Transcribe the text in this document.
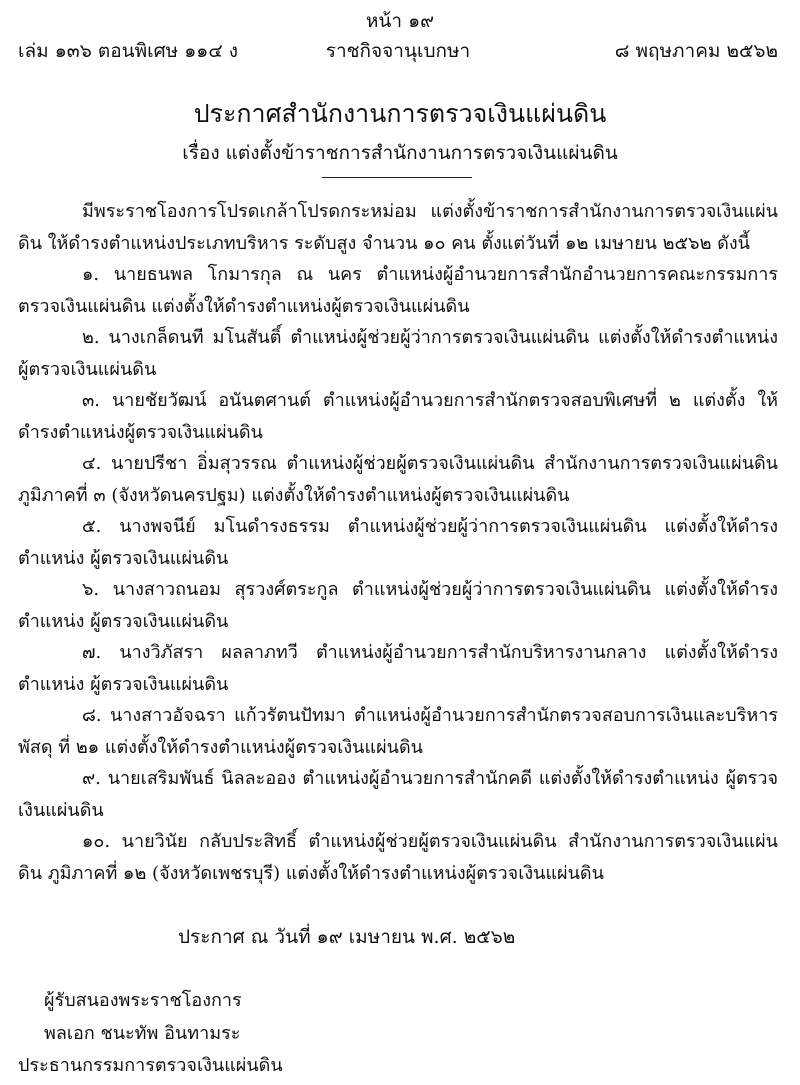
หน้า ๑๙
เล่ม ๑๓๖ ตอนพิเศษ ๑๑๔ ง	ราชกิจจานุเบกษา	๘ พฤษภาคม ๒๕๖๒
ประกาศสำนักงานการตรวจเงินแผ่นดิน
เรื่อง แต่งตั้งข้าราชการสำนักงานการตรวจเงินแผ่นดิน

มีพระราชโองการโปรดเกล้าโปรดกระหม่อม แต่งตั้งข้าราชการสำนักงานการตรวจเงินแผ่นดิน ให้ดำรงตำแหน่งประเภทบริหาร ระดับสูง จำนวน ๑๐ คน ตั้งแต่วันที่ ๑๒ เมษายน ๒๕๖๒ ดังนี้

๑. นายธนพล โกมารกุล ณ นคร ตำแหน่งผู้อำนวยการสำนักอำนวยการคณะกรรมการ ตรวจเงินแผ่นดิน แต่งตั้งให้ดำรงตำแหน่งผู้ตรวจเงินแผ่นดิน

๒. นางเกล็ดนที มโนสันติ์ ตำแหน่งผู้ช่วยผู้ว่าการตรวจเงินแผ่นดิน แต่งตั้งให้ดำรงตำแหน่ง ผู้ตรวจเงินแผ่นดิน

๓. นายชัยวัฒน์ อนันตศานต์ ตำแหน่งผู้อำนวยการสำนักตรวจสอบพิเศษที่ ๒ แต่งตั้ง ให้ดำรงตำแหน่งผู้ตรวจเงินแผ่นดิน

๔. นายปรีชา อิ่มสุวรรณ ตำแหน่งผู้ช่วยผู้ตรวจเงินแผ่นดิน สำนักงานการตรวจเงินแผ่นดิน ภูมิภาคที่ ๓ (จังหวัดนครปฐม) แต่งตั้งให้ดำรงตำแหน่งผู้ตรวจเงินแผ่นดิน

๕. นางพจนีย์ มโนดำรงธรรม ตำแหน่งผู้ช่วยผู้ว่าการตรวจเงินแผ่นดิน แต่งตั้งให้ดำรงตำแหน่ง ผู้ตรวจเงินแผ่นดิน

๖. นางสาวถนอม สุรวงศ์ตระกูล ตำแหน่งผู้ช่วยผู้ว่าการตรวจเงินแผ่นดิน แต่งตั้งให้ดำรงตำแหน่ง ผู้ตรวจเงินแผ่นดิน

๗. นางวิภัสรา ผลลาภทวี ตำแหน่งผู้อำนวยการสำนักบริหารงานกลาง แต่งตั้งให้ดำรงตำแหน่ง ผู้ตรวจเงินแผ่นดิน

๘. นางสาวอัจฉรา แก้วรัตนปัทมา ตำแหน่งผู้อำนวยการสำนักตรวจสอบการเงินและบริหารพัสดุ ที่ ๒๑ แต่งตั้งให้ดำรงตำแหน่งผู้ตรวจเงินแผ่นดิน

๙. นายเสริมพันธ์ นิลละออง ตำแหน่งผู้อำนวยการสำนักคดี แต่งตั้งให้ดำรงตำแหน่ง ผู้ตรวจเงินแผ่นดิน

๑๐. นายวินัย กลับประสิทธิ์ ตำแหน่งผู้ช่วยผู้ตรวจเงินแผ่นดิน สำนักงานการตรวจเงินแผ่นดิน ภูมิภาคที่ ๑๒ (จังหวัดเพชรบุรี) แต่งตั้งให้ดำรงตำแหน่งผู้ตรวจเงินแผ่นดิน

ประกาศ ณ วันที่ ๑๙ เมษายน พ.ศ. ๒๕๖๒
ผู้รับสนองพระราชโองการ
พลเอก ชนะทัพ อินทามระ
ประธานกรรมการตรวจเงินแผ่นดิน
